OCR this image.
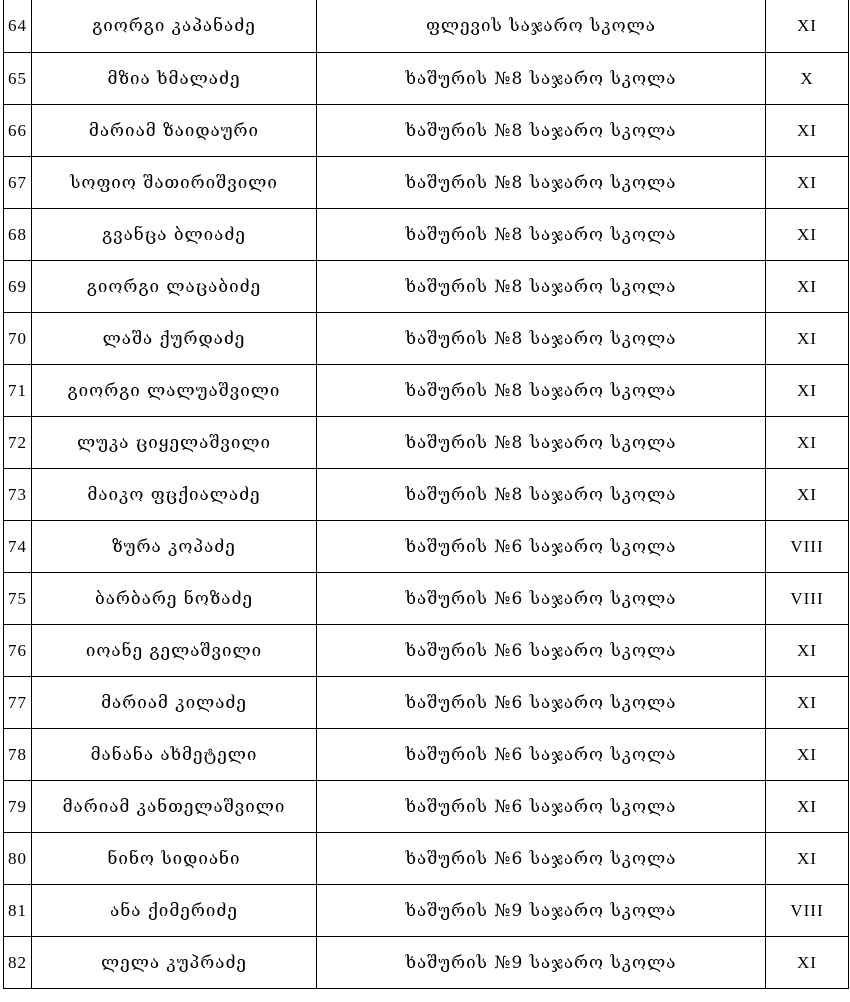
64	გიორგი კაპანაძე	ფლევის საჯარო სკოლა	XI
65	მზია ხმალაძე	ხაშურის №8 საჯარო სკოლა	X
66	მარიამ ზაიდაური	ხაშურის №8 საჯარო სკოლა	XI
67	სოფიო შათირიშვილი	ხაშურის №8 საჯარო სკოლა	XI
68	გვანცა ბლიაძე	ხაშურის №8 საჯარო სკოლა	XI
69	გიორგი ლაცაბიძე	ხაშურის №8 საჯარო სკოლა	XI
70	ლაშა ქურდაძე	ხაშურის №8 საჯარო სკოლა	XI
71	გიორგი ლალუაშვილი	ხაშურის №8 საჯარო სკოლა	XI
72	ლუკა ციყელაშვილი	ხაშურის №8 საჯარო სკოლა	XI
73	მაიკო ფცქიალაძე	ხაშურის №8 საჯარო სკოლა	XI
74	ზურა კოპაძე	ხაშურის №6 საჯარო სკოლა	VIII
75	ბარბარე ნოზაძე	ხაშურის №6 საჯარო სკოლა	VIII
76	იოანე გელაშვილი	ხაშურის №6 საჯარო სკოლა	XI
77	მარიამ კილაძე	ხაშურის №6 საჯარო სკოლა	XI
78	მანანა ახმეტელი	ხაშურის №6 საჯარო სკოლა	XI
79	მარიამ კანთელაშვილი	ხაშურის №6 საჯარო სკოლა	XI
80	ნინო სიდიანი	ხაშურის №6 საჯარო სკოლა	XI
81	ანა ქიმერიძე	ხაშურის №9 საჯარო სკოლა	VIII
82	ლელა კუპრაძე	ხაშურის №9 საჯარო სკოლა	XI
